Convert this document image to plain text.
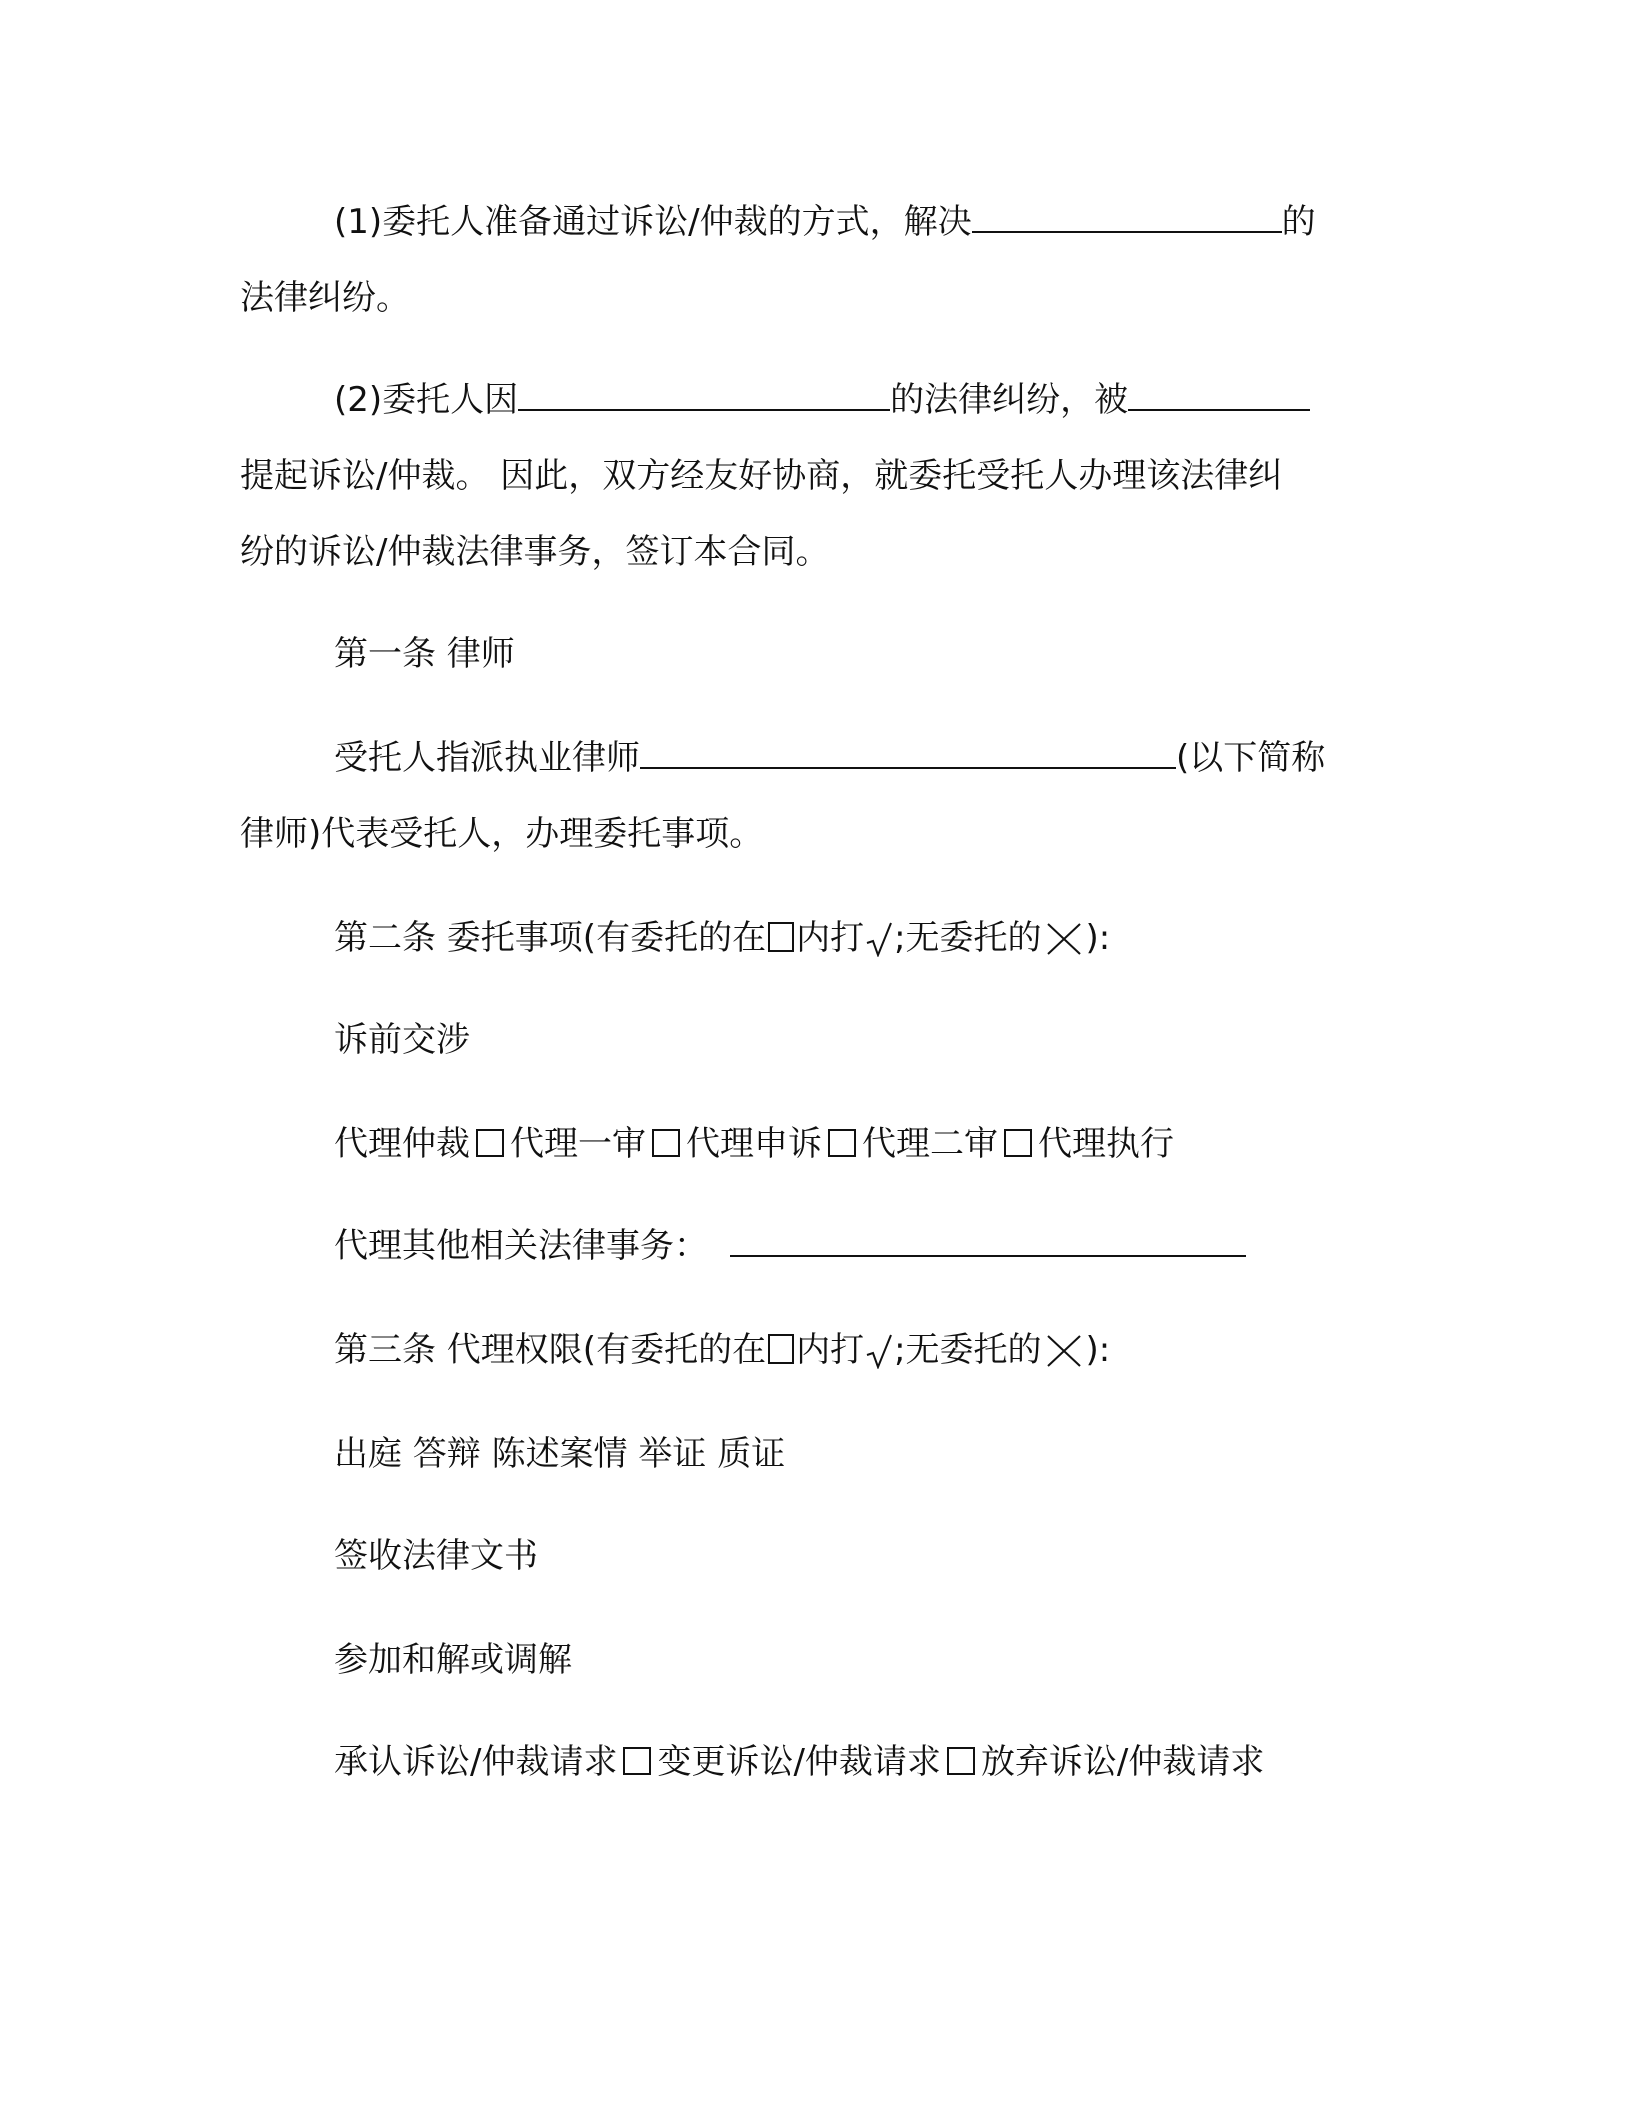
(1)委托人准备通过诉讼/仲裁的方式，解决	的
法律纠纷。
(2)委托人因	的法律纠纷，被
提起诉讼/仲裁。 因此，双方经友好协商，就委托受托人办理该法律纠
纷的诉讼/仲裁法律事务，签订本合同。
第一条 律师
受托人指派执业律师	(以下简称
律师)代表受托人，办理委托事项。
第二条 委托事项(有委托的在 内打 ;无委托的 ):
诉前交涉
代理仲裁 代理一审 代理申诉 代理二审 代理执行
代理其他相关法律事务：
第三条 代理权限(有委托的在 内打 ;无委托的 ):
出庭 答辩 陈述案情 举证 质证
签收法律文书
参加和解或调解
承认诉讼/仲裁请求 变更诉讼/仲裁请求 放弃诉讼/仲裁请求
